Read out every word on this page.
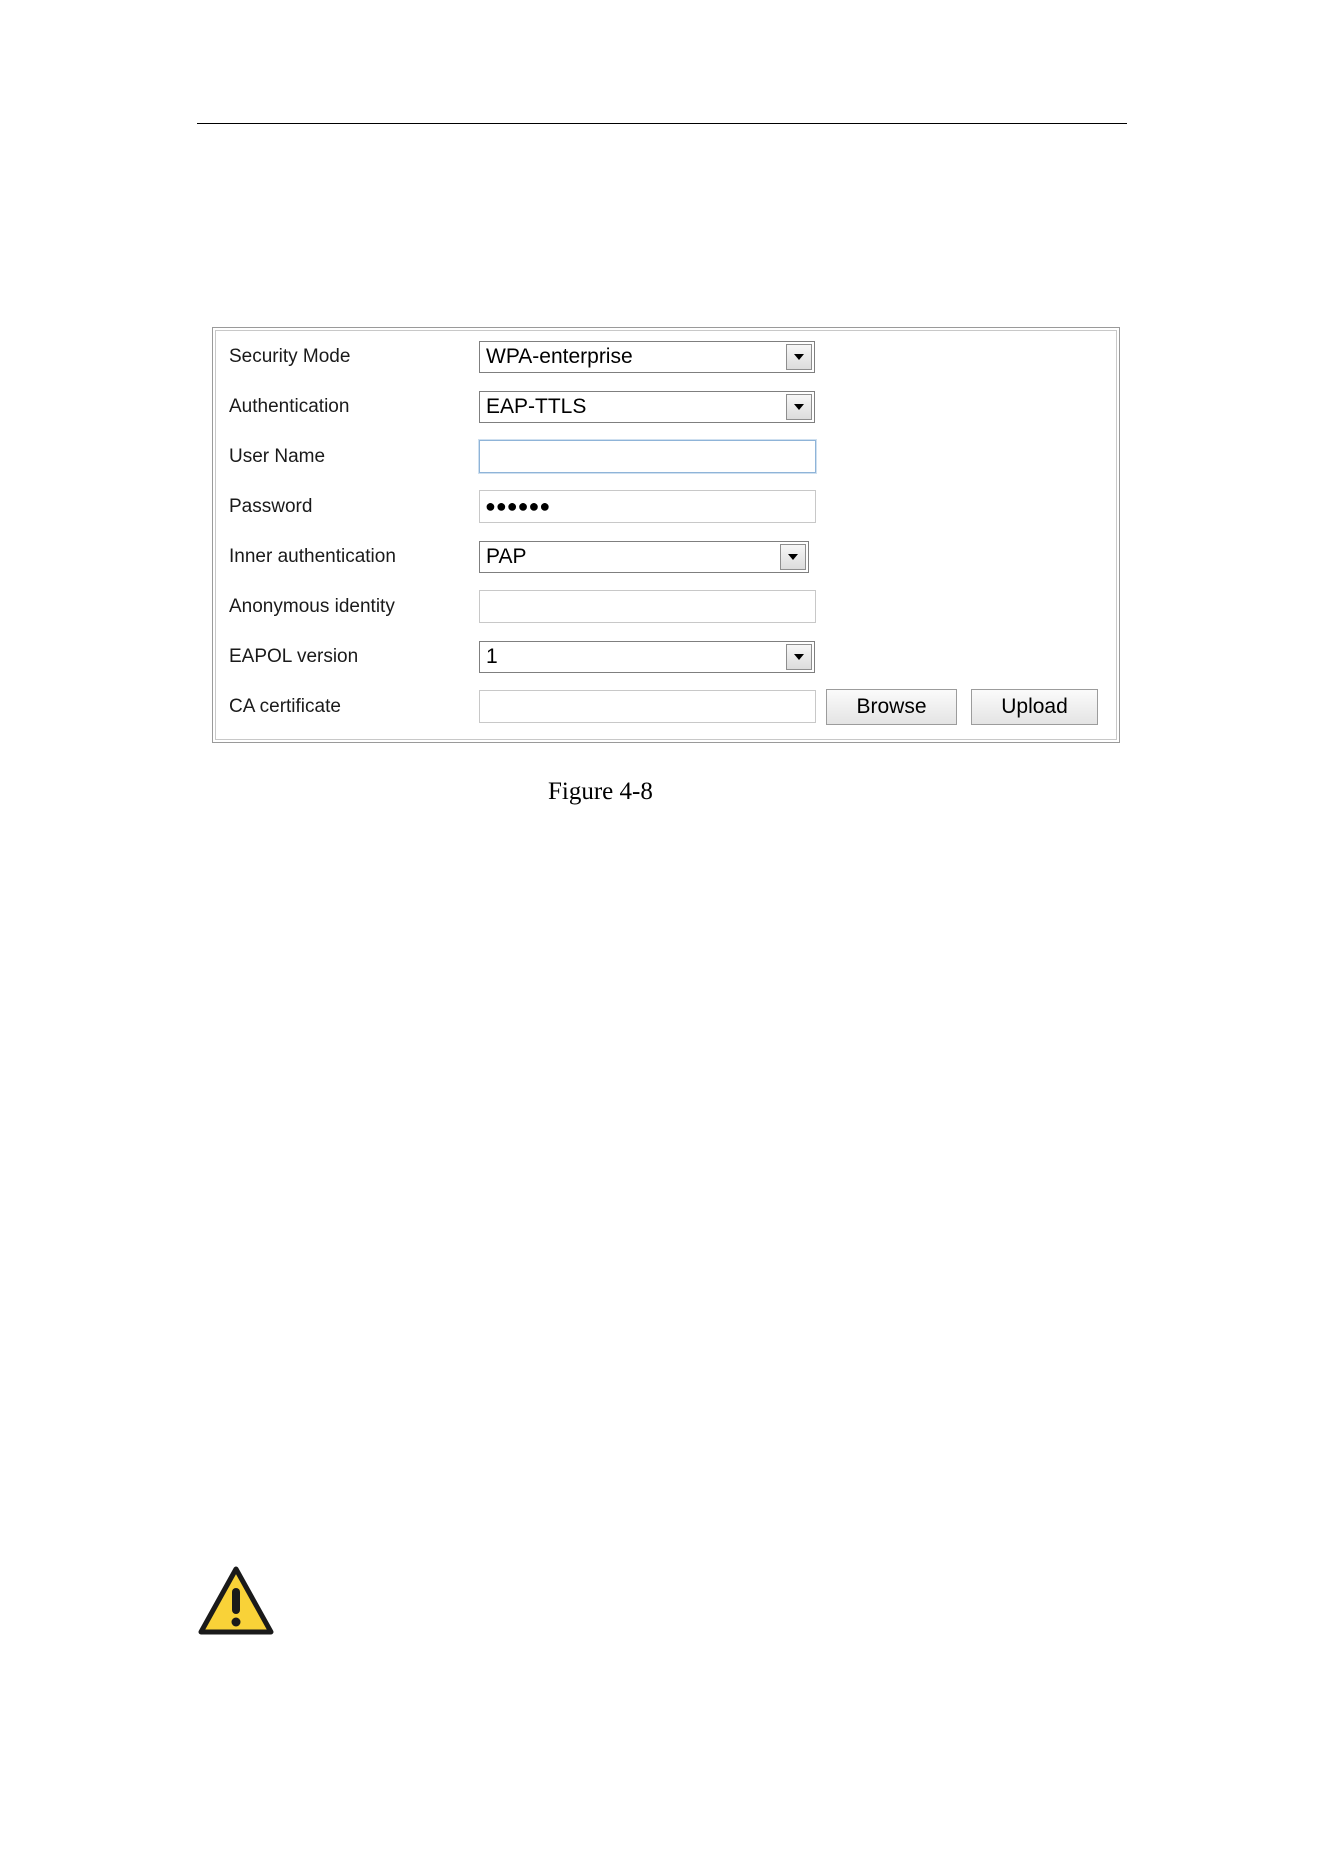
Security Mode	WPA-enterprise
Authentication	EAP-TTLS
User Name
Password	●●●●●●
Inner authentication	PAP
Anonymous identity
EAPOL version	1
CA certificate	Browse	Upload
Figure 4-8
